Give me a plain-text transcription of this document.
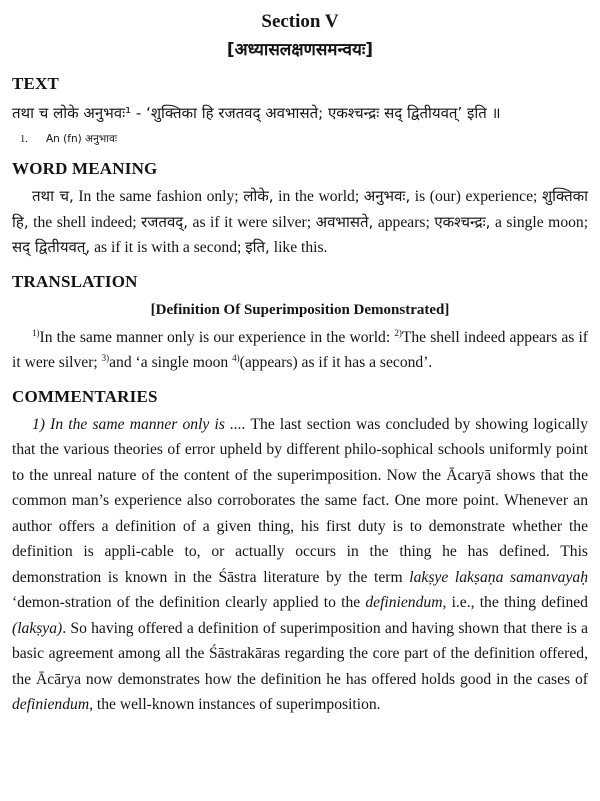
Section V

[अध्यासलक्षणसमन्वयः]

TEXT

तथा च लोके अनुभवः¹ - ‘शुक्तिका हि रजतवद् अवभासते; एकश्चन्द्रः सद् द्वितीयवत्’ इति ॥

1. An (fn) अनुभावः

WORD MEANING

तथा च, In the same fashion only; लोके, in the world; अनुभवः, is (our) experience; शुक्तिका हि, the shell indeed; रजतवद्, as if it were silver; अवभासते, appears; एकश्चन्द्रः, a single moon; सद् द्वितीयवत्, as if it is with a second; इति, like this.

TRANSLATION

[Definition Of Superimposition Demonstrated]

$^{1)}$In the same manner only is our experience in the world: $^{2)}$The shell indeed appears as if it were silver; $^{3)}$and ‘a single moon $^{4)}$(appears) as if it has a second’.

COMMENTARIES

1) In the same manner only is .... The last section was concluded by showing logically that the various theories of error upheld by different philo-sophical schools uniformly point to the unreal nature of the content of the superimposition. Now the Ācaryā shows that the common man’s experience also corroborates the same fact. One more point. Whenever an author offers a definition of a given thing, his first duty is to demonstrate whether the definition is appli-cable to, or actually occurs in the thing he has defined. This demonstration is known in the Śāstra literature by the term lakṣye lakṣaṇa samanvayaḥ ‘demon-stration of the definition clearly applied to the definiendum, i.e., the thing defined (lakṣya). So having offered a definition of superimposition and having shown that there is a basic agreement among all the Śāstrakāras regarding the core part of the definition offered, the Ācārya now demonstrates how the definition he has offered holds good in the cases of definiendum, the well-known instances of superimposition.
